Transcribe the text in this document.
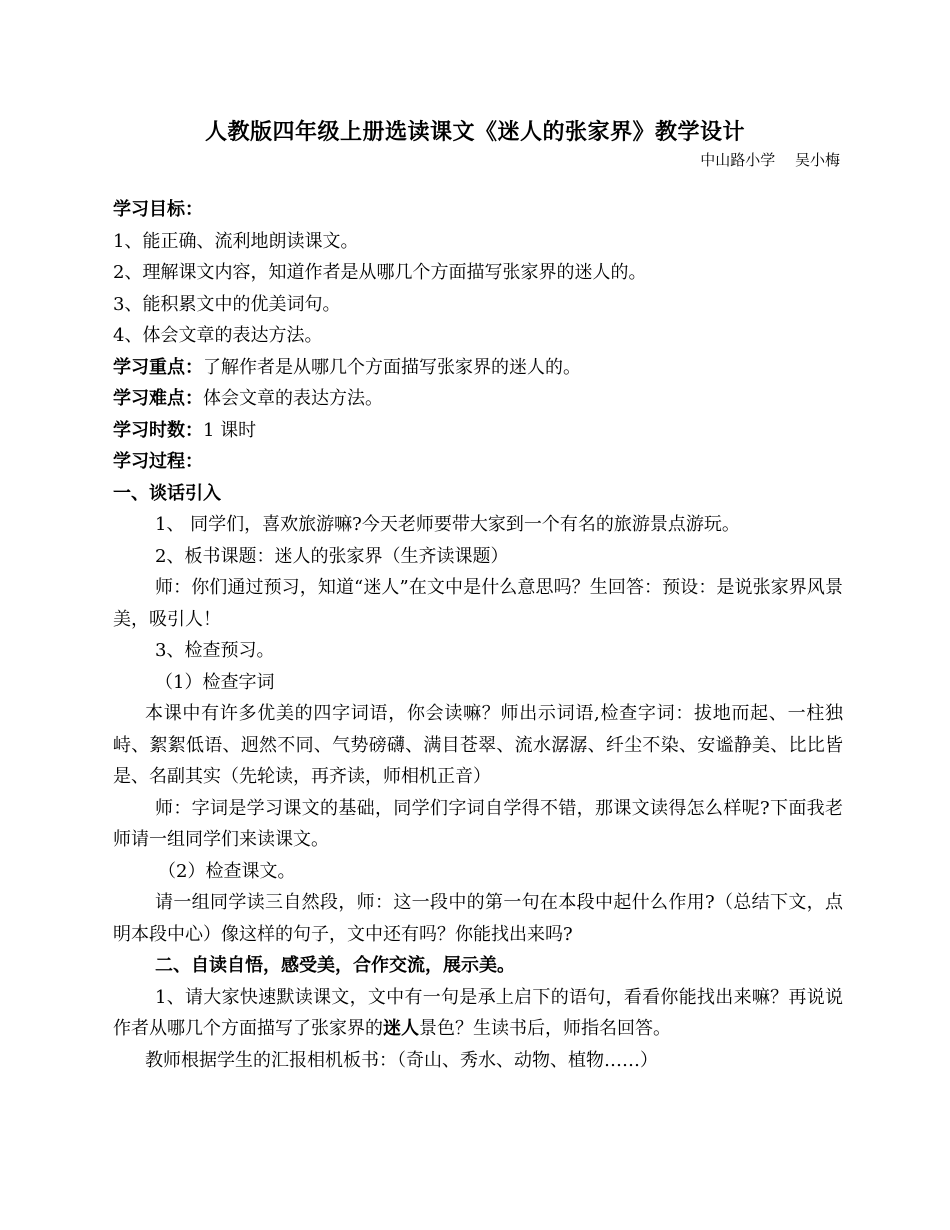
人教版四年级上册选读课文《迷人的张家界》教学设计
中山路小学　 吴小梅

学习目标：

1、能正确、流利地朗读课文。

2、理解课文内容，知道作者是从哪几个方面描写张家界的迷人的。

3、能积累文中的优美词句。

4、体会文章的表达方法。

学习重点：了解作者是从哪几个方面描写张家界的迷人的。

学习难点：体会文章的表达方法。

学习时数：1 课时

学习过程：

一、谈话引入

1、 同学们，喜欢旅游嘛?今天老师要带大家到一个有名的旅游景点游玩。

2、板书课题：迷人的张家界（生齐读课题）

师：你们通过预习，知道“迷人”在文中是什么意思吗？生回答：预设：是说张家界风景美，吸引人！

3、检查预习。

（1）检查字词

本课中有许多优美的四字词语，你会读嘛？师出示词语,检查字词：拔地而起、一柱独峙、絮絮低语、迥然不同、气势磅礴、满目苍翠、流水潺潺、纤尘不染、安谧静美、比比皆是、名副其实（先轮读，再齐读，师相机正音）

师：字词是学习课文的基础，同学们字词自学得不错，那课文读得怎么样呢?下面我老师请一组同学们来读课文。

（2）检查课文。

请一组同学读三自然段，师：这一段中的第一句在本段中起什么作用?（总结下文，点明本段中心）像这样的句子，文中还有吗？你能找出来吗?

二、自读自悟，感受美，合作交流，展示美。

1、请大家快速默读课文，文中有一句是承上启下的语句，看看你能找出来嘛？再说说作者从哪几个方面描写了张家界的迷人景色？生读书后，师指名回答。

教师根据学生的汇报相机板书：（奇山、秀水、动物、植物……）
